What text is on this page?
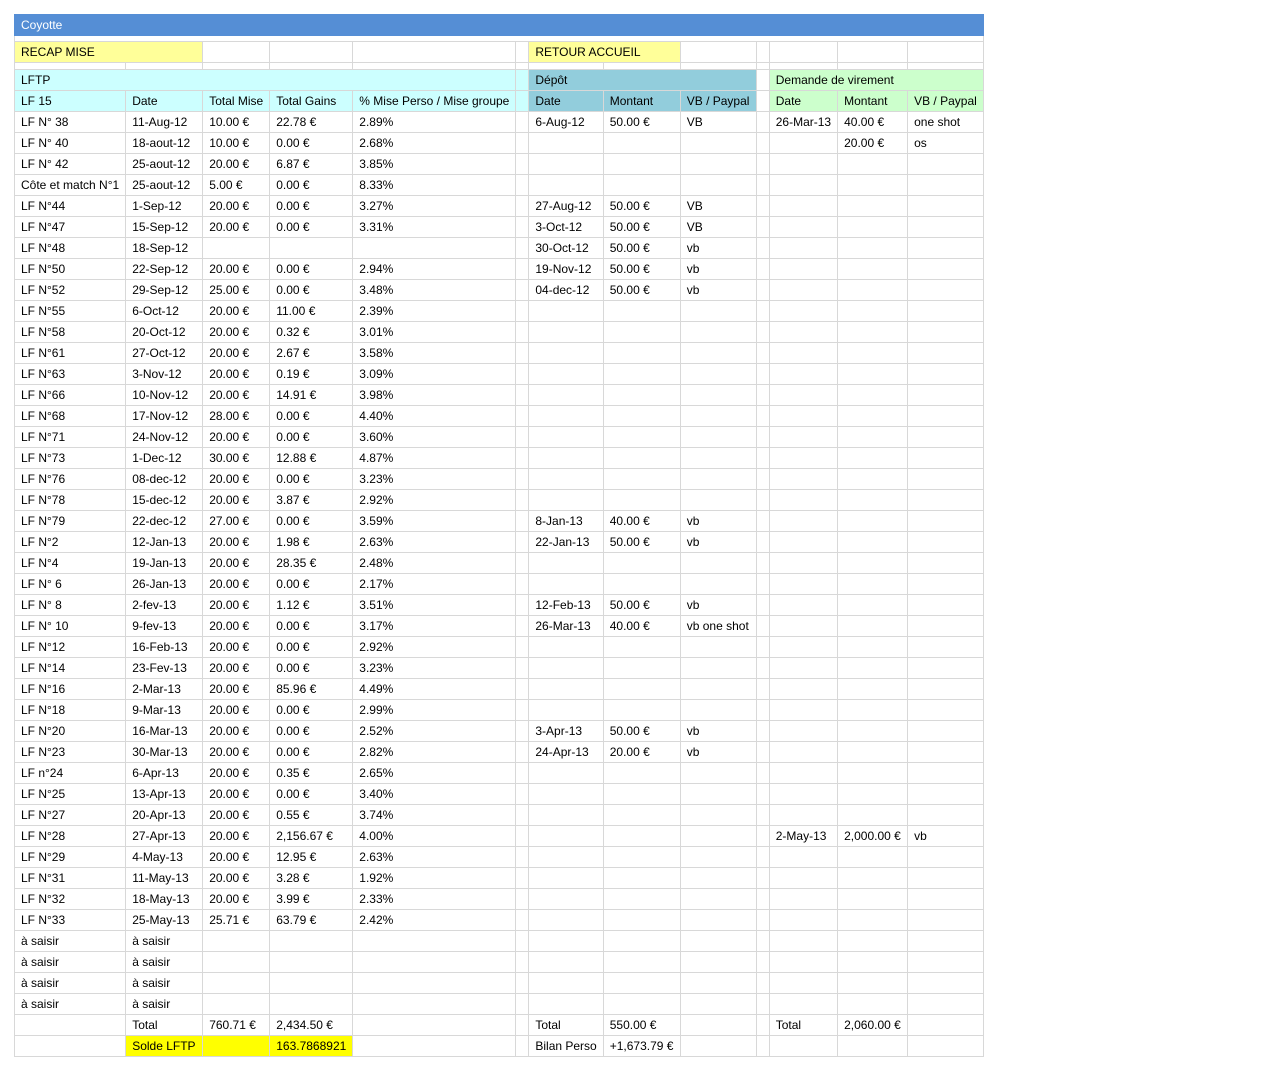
Coyotte												

RECAP MISE						RETOUR ACCUEIL						

LFTP						Dépôt				Demande de virement		
LF 15	Date	Total Mise	Total Gains	% Mise Perso / Mise groupe		Date	Montant	VB / Paypal		Date	Montant	VB / Paypal
LF N° 38	11-Aug-12	10.00 €	22.78 €	2.89%		6-Aug-12	50.00 €	VB		26-Mar-13	40.00 €	one shot
LF N° 40	18-aout-12	10.00 €	0.00 €	2.68%							20.00 €	os
LF N° 42	25-aout-12	20.00 €	6.87 €	3.85%								
Côte et match N°1	25-aout-12	5.00 €	0.00 €	8.33%								
LF N°44	1-Sep-12	20.00 €	0.00 €	3.27%		27-Aug-12	50.00 €	VB				
LF N°47	15-Sep-12	20.00 €	0.00 €	3.31%		3-Oct-12	50.00 €	VB				
LF N°48	18-Sep-12					30-Oct-12	50.00 €	vb				
LF N°50	22-Sep-12	20.00 €	0.00 €	2.94%		19-Nov-12	50.00 €	vb				
LF N°52	29-Sep-12	25.00 €	0.00 €	3.48%		04-dec-12	50.00 €	vb				
LF N°55	6-Oct-12	20.00 €	11.00 €	2.39%								
LF N°58	20-Oct-12	20.00 €	0.32 €	3.01%								
LF N°61	27-Oct-12	20.00 €	2.67 €	3.58%								
LF N°63	3-Nov-12	20.00 €	0.19 €	3.09%								
LF N°66	10-Nov-12	20.00 €	14.91 €	3.98%								
LF N°68	17-Nov-12	28.00 €	0.00 €	4.40%								
LF N°71	24-Nov-12	20.00 €	0.00 €	3.60%								
LF N°73	1-Dec-12	30.00 €	12.88 €	4.87%								
LF N°76	08-dec-12	20.00 €	0.00 €	3.23%								
LF N°78	15-dec-12	20.00 €	3.87 €	2.92%								
LF N°79	22-dec-12	27.00 €	0.00 €	3.59%		8-Jan-13	40.00 €	vb				
LF N°2	12-Jan-13	20.00 €	1.98 €	2.63%		22-Jan-13	50.00 €	vb				
LF N°4	19-Jan-13	20.00 €	28.35 €	2.48%								
LF N° 6	26-Jan-13	20.00 €	0.00 €	2.17%								
LF N° 8	2-fev-13	20.00 €	1.12 €	3.51%		12-Feb-13	50.00 €	vb				
LF N° 10	9-fev-13	20.00 €	0.00 €	3.17%		26-Mar-13	40.00 €	vb one shot				
LF N°12	16-Feb-13	20.00 €	0.00 €	2.92%								
LF N°14	23-Fev-13	20.00 €	0.00 €	3.23%								
LF N°16	2-Mar-13	20.00 €	85.96 €	4.49%								
LF N°18	9-Mar-13	20.00 €	0.00 €	2.99%								
LF N°20	16-Mar-13	20.00 €	0.00 €	2.52%		3-Apr-13	50.00 €	vb				
LF N°23	30-Mar-13	20.00 €	0.00 €	2.82%		24-Apr-13	20.00 €	vb				
LF n°24	6-Apr-13	20.00 €	0.35 €	2.65%								
LF N°25	13-Apr-13	20.00 €	0.00 €	3.40%								
LF N°27	20-Apr-13	20.00 €	0.55 €	3.74%								
LF N°28	27-Apr-13	20.00 €	2,156.67 €	4.00%						2-May-13	2,000.00 €	vb
LF N°29	4-May-13	20.00 €	12.95 €	2.63%								
LF N°31	11-May-13	20.00 €	3.28 €	1.92%								
LF N°32	18-May-13	20.00 €	3.99 €	2.33%								
LF N°33	25-May-13	25.71 €	63.79 €	2.42%								
à saisir	à saisir											
à saisir	à saisir											
à saisir	à saisir											
à saisir	à saisir											
	Total	760.71 €	2,434.50 €			Total	550.00 €			Total	2,060.00 €	
	Solde LFTP		163.7868921			Bilan Perso	+1,673.79 €					
